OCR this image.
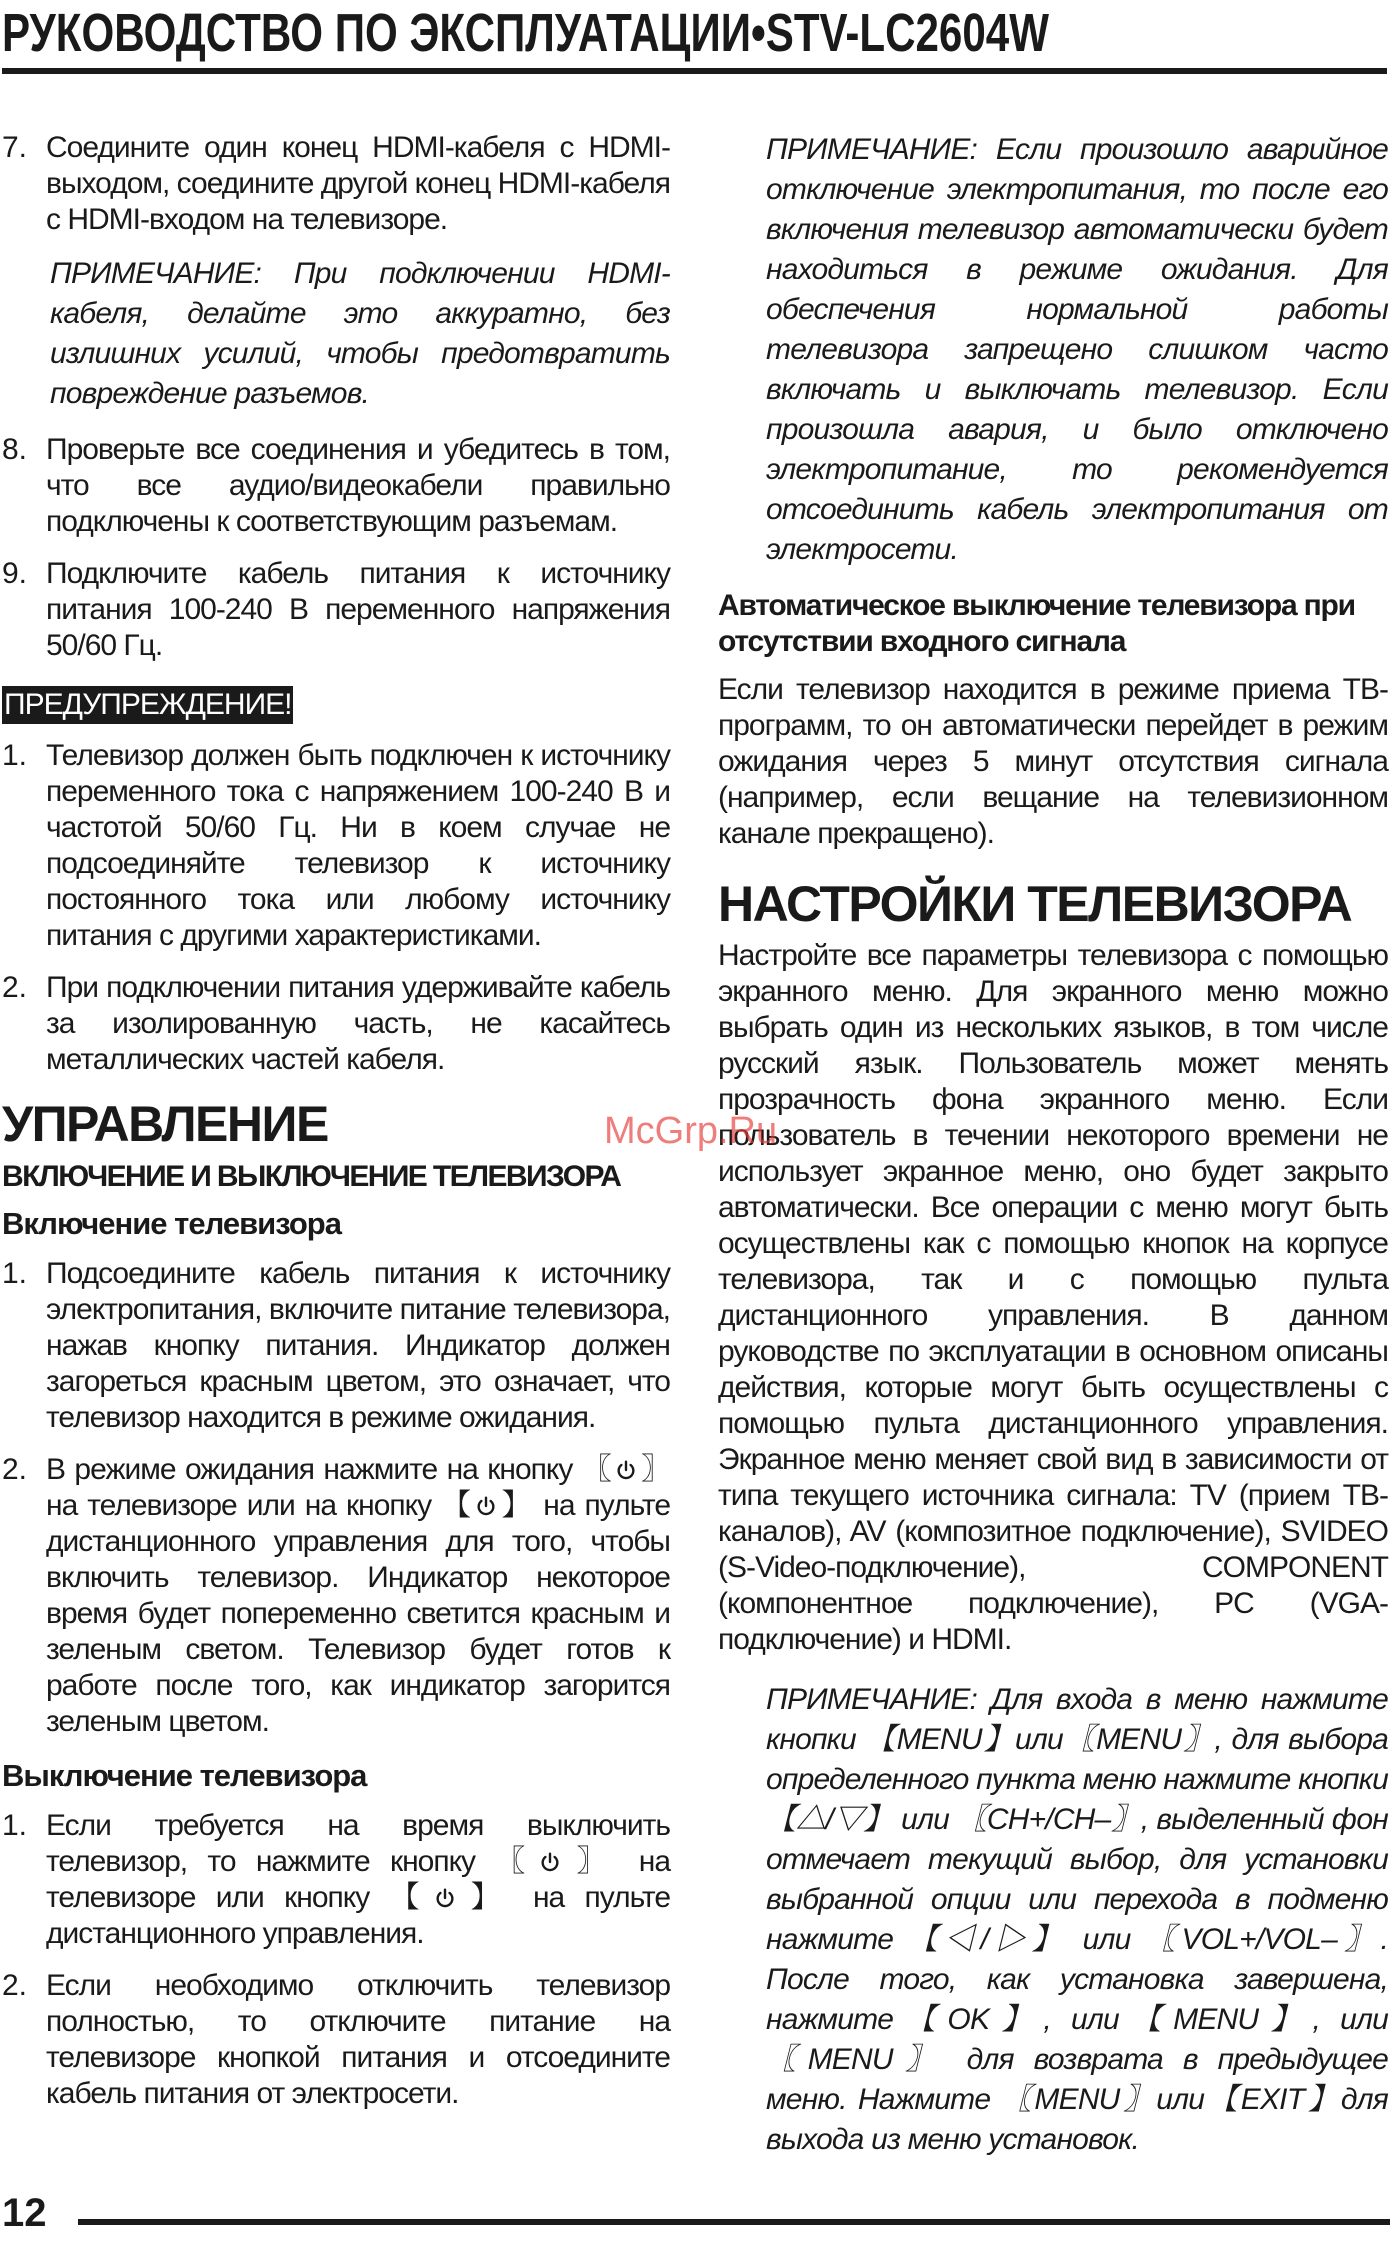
РУКОВОДСТВО ПО ЭКСПЛУАТАЦИИ•STV-LC2604W
7. Соедините один конец HDMI-кабеля с HDMI-выходом, соедините другой конец HDMI-кабеля с HDMI-входом на телевизоре.
ПРИМЕЧАНИЕ: При подключении HDMI-кабеля, делайте это аккуратно, без излишних усилий, чтобы предотвратить повреждение разъемов.
8. Проверьте все соединения и убедитесь в том, что все аудио/видеокабели правильно подключены к соответствующим разъемам.
9. Подключите кабель питания к источнику питания 100-240 В переменного напряжения 50/60 Гц.
ПРЕДУПРЕЖДЕНИЕ!
1. Телевизор должен быть подключен к источнику переменного тока с напряжением 100-240 В и частотой 50/60 Гц. Ни в коем случае не подсоединяйте телевизор к источнику постоянного тока или любому источнику питания с другими характеристиками.
2. При подключении питания удерживайте кабель за изолированную часть, не касайтесь металлических частей кабеля.
УПРАВЛЕНИЕ
ВКЛЮЧЕНИЕ И ВЫКЛЮЧЕНИЕ ТЕЛЕВИЗОРА
Включение телевизора
1. Подсоедините кабель питания к источнику электропитания, включите питание телевизора, нажав кнопку питания. Индикатор должен загореться красным цветом, это означает, что телевизор находится в режиме ожидания.
2. В режиме ожидания нажмите на кнопку 〖 〗 на телевизоре или на кнопку 【 】 на пульте дистанционного управления для того, чтобы включить телевизор. Индикатор некоторое время будет попеременно светится красным и зеленым светом. Телевизор будет готов к работе после того, как индикатор загорится зеленым цветом.
Выключение телевизора
1. Если требуется на время выключить телевизор, то нажмите кнопку 〖 〗 на телевизоре или кнопку 【 】 на пульте дистанционного управления.
2. Если необходимо отключить телевизор полностью, то отключите питание на телевизоре кнопкой питания и отсоедините кабель питания от электросети.
ПРИМЕЧАНИЕ: Если произошло аварийное отключение электропитания, то после его включения телевизор автоматически будет находиться в режиме ожидания. Для обеспечения нормальной работы телевизора запрещено слишком часто включать и выключать телевизор. Если произошла авария, и было отключено электропитание, то рекомендуется отсоединить кабель электропитания от электросети.
Автоматическое выключение телевизора при отсутствии входного сигнала
Если телевизор находится в режиме приема ТВ-программ, то он автоматически перейдет в режим ожидания через 5 минут отсутствия сигнала (например, если вещание на телевизионном канале прекращено).
НАСТРОЙКИ ТЕЛЕВИЗОРА
Настройте все параметры телевизора с помощью экранного меню. Для экранного меню можно выбрать один из нескольких языков, в том числе русский язык. Пользователь может менять прозрачность фона экранного меню. Если пользователь в течении некоторого времени не использует экранное меню, оно будет закрыто автоматически. Все операции с меню могут быть осуществлены как с помощью кнопок на корпусе телевизора, так и с помощью пульта дистанционного управления. В данном руководстве по эксплуатации в основном описаны действия, которые могут быть осуществлены с помощью пульта дистанционного управления. Экранное меню меняет свой вид в зависимости от типа текущего источника сигнала: TV (прием ТВ-каналов), AV (композитное подключение), SVIDEO (S-Video-подключение), COMPONENT (компонентное подключение), PC (VGA-подключение) и HDMI.
ПРИМЕЧАНИЕ: Для входа в меню нажмите кнопки 【MENU】или〖MENU〗, для выбора определенного пункта меню нажмите кнопки 【△/▽】 или 〖CH+/CH–〗, выделенный фон отмечает текущий выбор, для установки выбранной опции или перехода в подменю нажмите 【◁/▷】 или 〖VOL+/VOL–〗. После того, как установка завершена, нажмите【OK】, или【MENU】, или〖MENU〗 для возврата в предыдущее меню. Нажмите 〖MENU〗или【EXIT】для выхода из меню установок.
McGrp.Ru
12
